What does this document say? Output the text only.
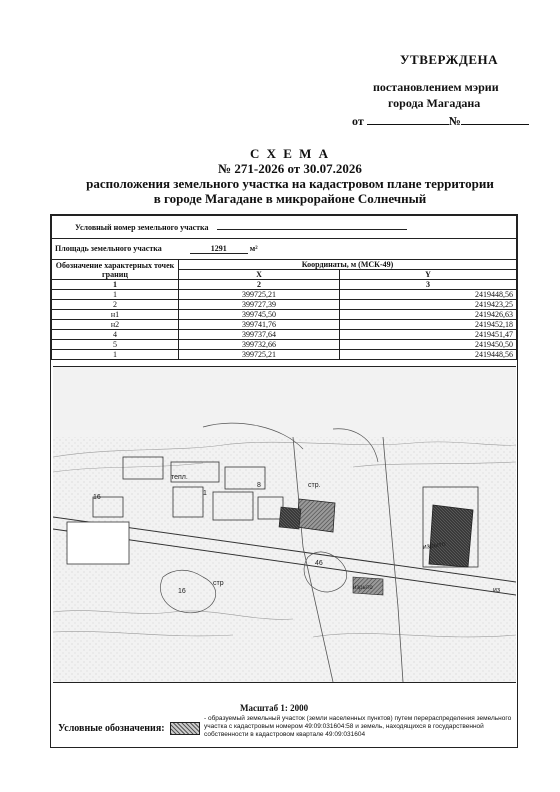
УТВЕРЖДЕНА
постановлением мэрии
города Магадана
от	№
С Х Е М А
№ 271-2026 от 30.07.2026
расположения земельного участка на кадастровом плане территории
в городе Магадане в микрорайоне Солнечный
Условный номер земельного участка		
Площадь земельного участка 1291 м²		
Обозначение характерных точек границ	Координаты, м (МСК-49)	
	X	Y
1	2	3
1	399725,21	2419448,56
2	399727,39	2419423,25
н1	399745,50	2419426,63
н2	399741,76	2419452,18
4	399737,64	2419451,47
5	399732,66	2419450,50
1	399725,21	2419448,56
тепл.
стр.
изрыто
16
1
8
46
16
стр
изрыто	из
Масштаб 1: 2000
Условные обозначения:
- образуемый земельный участок (земли населенных пунктов) путем перераспределения земельного участка с кадастровым номером 49:09:031604:58 и земель, находящихся в государственной собственности в кадастровом квартале 49:09:031604
